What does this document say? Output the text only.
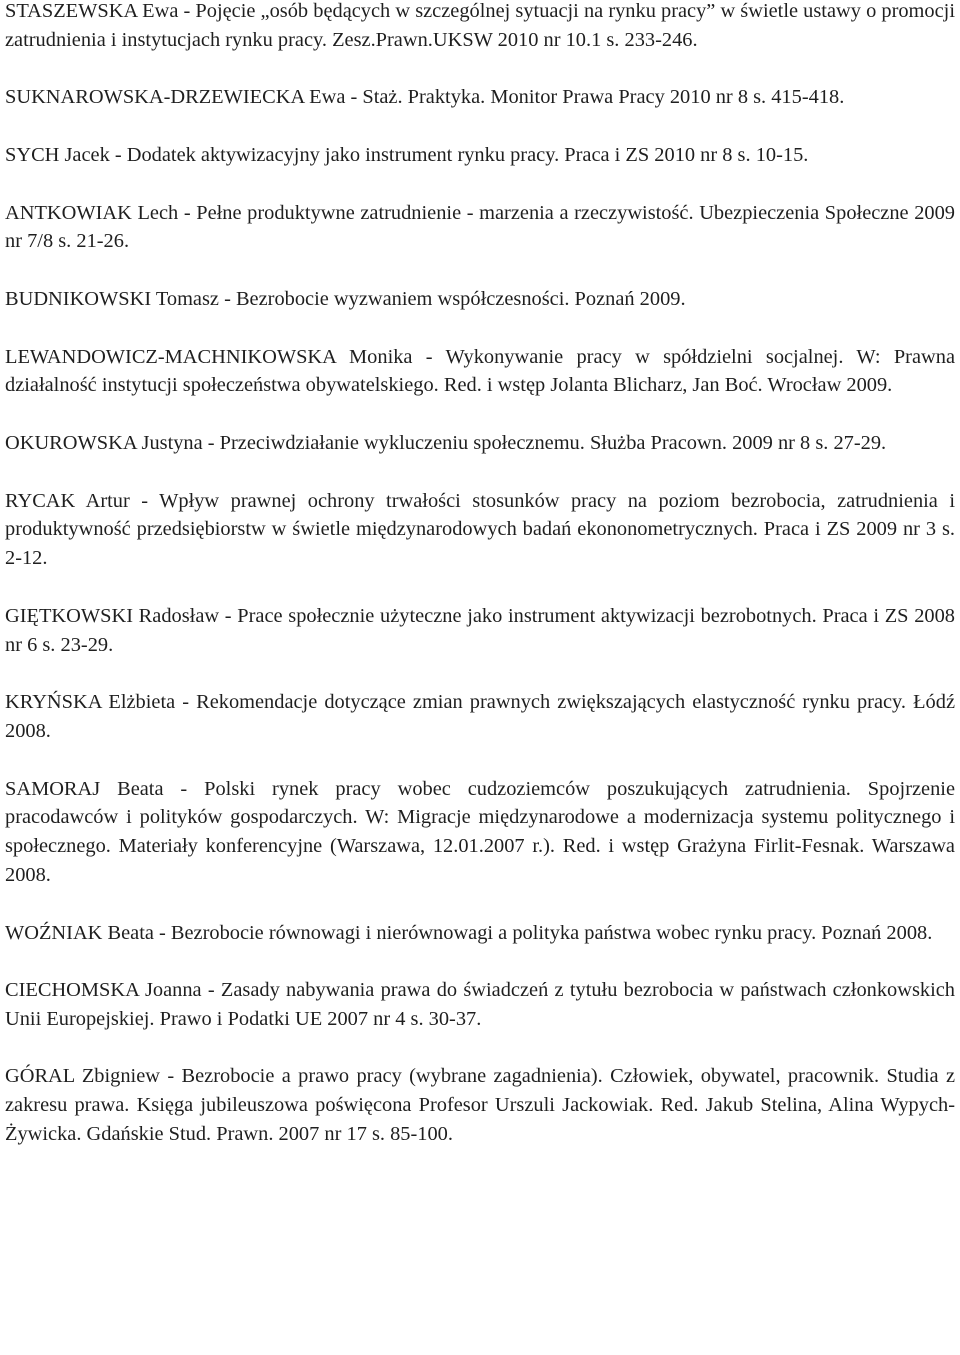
STASZEWSKA Ewa - Pojęcie „osób będących w szczególnej sytuacji na rynku pracy” w świetle ustawy o promocji zatrudnienia i instytucjach rynku pracy. Zesz.Prawn.UKSW 2010 nr 10.1 s. 233-246.

SUKNAROWSKA-DRZEWIECKA Ewa - Staż. Praktyka. Monitor Prawa Pracy 2010 nr 8 s. 415-418.

SYCH Jacek - Dodatek aktywizacyjny jako instrument rynku pracy. Praca i ZS 2010 nr 8 s. 10-15.

ANTKOWIAK Lech - Pełne produktywne zatrudnienie - marzenia a rzeczywistość. Ubezpieczenia Społeczne 2009 nr 7/8 s. 21-26.

BUDNIKOWSKI Tomasz - Bezrobocie wyzwaniem współczesności. Poznań 2009.

LEWANDOWICZ-MACHNIKOWSKA Monika - Wykonywanie pracy w spółdzielni socjalnej. W: Prawna działalność instytucji społeczeństwa obywatelskiego. Red. i wstęp Jolanta Blicharz, Jan Boć. Wrocław 2009.

OKUROWSKA Justyna - Przeciwdziałanie wykluczeniu społecznemu. Służba Pracown. 2009 nr 8 s. 27-29.

RYCAK Artur - Wpływ prawnej ochrony trwałości stosunków pracy na poziom bezrobocia, zatrudnienia i produktywność przedsiębiorstw w świetle międzynarodowych badań ekononometrycznych. Praca i ZS 2009 nr 3 s. 2-12.

GIĘTKOWSKI Radosław - Prace społecznie użyteczne jako instrument aktywizacji bezrobotnych. Praca i ZS 2008 nr 6 s. 23-29.

KRYŃSKA Elżbieta - Rekomendacje dotyczące zmian prawnych zwiększających elastyczność rynku pracy. Łódź 2008.

SAMORAJ Beata - Polski rynek pracy wobec cudzoziemców poszukujących zatrudnienia. Spojrzenie pracodawców i polityków gospodarczych. W: Migracje międzynarodowe a modernizacja systemu politycznego i społecznego. Materiały konferencyjne (Warszawa, 12.01.2007 r.). Red. i wstęp Grażyna Firlit-Fesnak. Warszawa 2008.

WOŹNIAK Beata - Bezrobocie równowagi i nierównowagi a polityka państwa wobec rynku pracy. Poznań 2008.

CIECHOMSKA Joanna - Zasady nabywania prawa do świadczeń z tytułu bezrobocia w państwach członkowskich Unii Europejskiej. Prawo i Podatki UE 2007 nr 4 s. 30-37.

GÓRAL Zbigniew - Bezrobocie a prawo pracy (wybrane zagadnienia). Człowiek, obywatel, pracownik. Studia z zakresu prawa. Księga jubileuszowa poświęcona Profesor Urszuli Jackowiak. Red. Jakub Stelina, Alina Wypych-Żywicka. Gdańskie Stud. Prawn. 2007 nr 17 s. 85-100.
